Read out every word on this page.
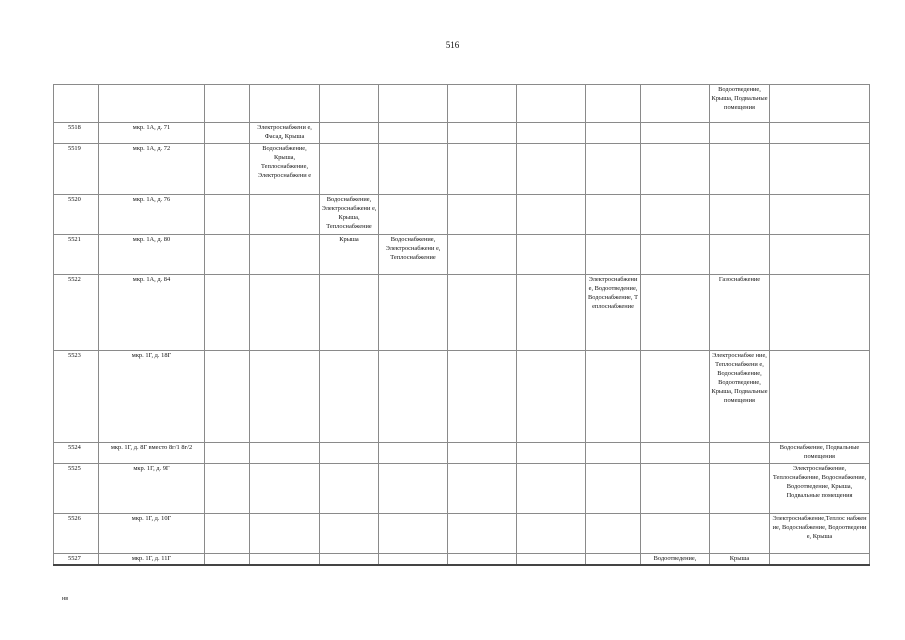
516
										Водоотведение, Крыша, Подвальные помещения	
5518	мкр. 1А, д. 71		Электроснабжени е, Фасад, Крыша								
5519	мкр. 1А, д. 72		Водоснабжение, Крыша, Теплоснабжение, Электроснабжени е								
5520	мкр. 1А, д. 76			Водоснабжение, Электроснабжени е, Крыша, Теплоснабжение							
5521	мкр. 1А, д. 80			Крыша	Водоснабжение, Электроснабжени е, Теплоснабжение						
5522	мкр. 1А, д. 84							Электроснабжение, Водоотведение, Водоснабжение, Теплоснабжение		Газоснабжение	
5523	мкр. 1Г, д. 18Г									Электроснабже ние, Теплоснабжени е, Водоснабжение, Водоотведение, Крыша, Подвальные помещения	
5524	мкр. 1Г, д. 8Г вместо 8г/1 8г/2										Водоснабжение, Подвальные помещения
5525	мкр. 1Г, д. 9Г										Электроснабжение, Теплоснабжение, Водоснабжение, Водоотведение, Крыша, Подвальные помещения
5526	мкр. 1Г, д. 10Г										Электроснабжение,Теплос набжение, Водоснабжение, Водоотведение, Крыша
5527	мкр. 1Г, д. 11Г								Водоотведение,	Крыша	
нв
